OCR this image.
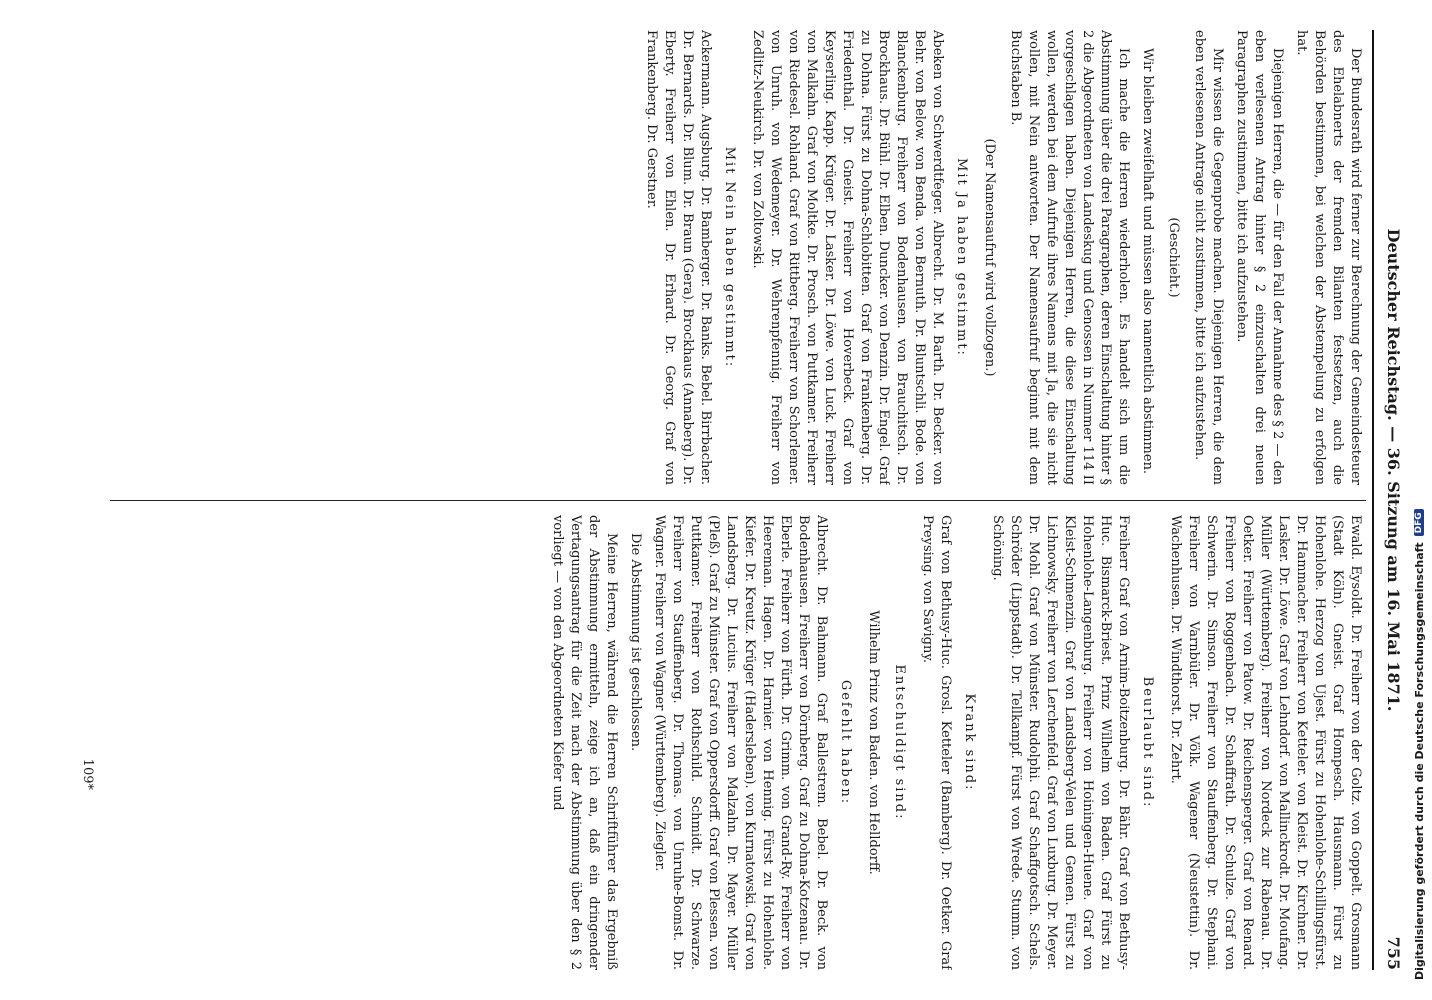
Deutscher Reichstag. — 36. Sitzung am 16. Mai 1871.
755

Der Bundesrath wird ferner zur Berechnung der Gemeindesteuer des Ehelabnerts der fremden Bilanten festsetzen, auch die Behörden bestimmen, bei welchen der Abstempelung zu erfolgen hat.

Diejenigen Herren, die — für den Fall der Annahme des § 2 — den eben verlesenen Antrag hinter § 2 einzuschalten drei neuen Paragraphen zustimmen, bitte ich aufzustehen.

Mir wissen die Gegenprobe machen. Diejenigen Herren, die dem eben verlesenen Antrage nicht zustimmen, bitte ich aufzustehen.

(Geschieht.)

Wir bleiben zweifelhaft und müssen also namentlich abstimmen.

Ich mache die Herren wiederholen. Es handelt sich um die Abstimmung über die drei Paragraphen, deren Einschaltung hinter § 2 die Abgeordneten von Landeskug und Genossen in Nummer 114 II vorgeschlagen haben. Diejenigen Herren, die diese Einschaltung wollen, werden bei dem Aufrufe ihres Namens mit Ja, die sie nicht wollen, mit Nein antworten. Der Namensaufruf beginnt mit dem Buchstaben B.

(Der Namensaufruf wird vollzogen.)

Mit Ja haben gestimmt:

Abeken von Schwerdtfeger. Albrecht. Dr. M. Barth. Dr. Becker. von Behr. von Below. von Benda. von Bernuth. Dr. Bluntschli. Bode. von Blanckenburg. Freiherr von Bodenhausen. von Brauchitsch. Dr. Brockhaus. Dr. Bühl. Dr. Elben. Duncker. von Denzin. Dr. Engel. Graf zu Dohna. Fürst zu Dohna-Schlobitten. Graf von Frankenberg. Dr. Friedenthal. Dr. Gneist. Freiherr von Hoverbeck. Graf von Keyserling. Kapp. Krüger. Dr. Lasker. Dr. Löwe. von Luck. Freiherr von Malkahn. Graf von Moltke. Dr. Prosch. von Puttkamer. Freiherr von Riedesel. Rohland. Graf von Rittberg. Freiherr von Schorlemer. von Unruh. von Wedemeyer. Dr. Wehrenpfennig. Freiherr von Zedlitz-Neukirch. Dr. von Zoltowski.

Mit Nein haben gestimmt:

Ackermann. Augsburg. Dr. Bamberger. Dr. Banks. Bebel. Birrbacher. Dr. Bernards. Dr. Blum. Dr. Braun (Gera). Brockhaus (Annaberg). Dr. Eberty. Freiherr von Ehlen. Dr. Erhard. Dr. Georg. Graf von Frankenberg. Dr. Gerstner.

Ewald. Eysoldt. Dr. Freiherr von der Goltz. von Goppelt. Grosmann (Stadt Köln). Gneist. Graf Hompesch. Hausmann. Fürst zu Hohenlohe. Herzog von Ujest. Fürst zu Hohenlohe-Schillingsfürst. Dr. Hammacher. Freiherr von Ketteler. von Kleist. Dr. Kirchner. Dr. Lasker. Dr. Löwe. Graf von Lehndorf. von Mallinckrodt. Dr. Moufang. Müller (Württemberg). Freiherr von Nordeck zur Rabenau. Dr. Oetker. Freiherr von Patow. Dr. Reichensperger. Graf von Renard. Freiherr von Roggenbach. Dr. Schaffrath. Dr. Schulze. Graf von Schwerin. Dr. Simson. Freiherr von Stauffenberg. Dr. Stephani. Freiherr von Varnbüler. Dr. Völk. Wagener (Neustettin). Dr. Wachenhusen. Dr. Windthorst. Dr. Zehrt.

Beurlaubt sind:

Freiherr Graf von Arnim-Boitzenburg. Dr. Bähr. Graf von Bethusy-Huc. Bismarck-Briest. Prinz Wilhelm von Baden. Graf Fürst zu Hohenlohe-Langenburg. Freiherr von Hoiningen-Huene. Graf von Kleist-Schmenzin. Graf von Landsberg-Velen und Gemen. Fürst zu Lichnowsky. Freiherr von Lerchenfeld. Graf von Luxburg. Dr. Meyer. Dr. Mohl. Graf von Münster. Rudolphi. Graf Schaffgotsch. Schels. Schröder (Lippstadt). Dr. Tellkampf. Fürst von Wrede. Stumm. von Schöning.

Krank sind:

Graf von Bethusy-Huc. Grosl. Ketteler (Bamberg). Dr. Oetker. Graf Preysing. von Savigny.

Entschuldigt sind:

Wilhelm Prinz von Baden. von Helldorff.

Gefehlt haben:

Albrecht. Dr. Bahmann. Graf Ballestrem. Bebel. Dr. Beck. von Bodenhausen. Freiherr von Dörnberg. Graf zu Dohna-Kotzenau. Dr. Eberle. Freiherr von Fürth. Dr. Grimm. von Grand-Ry. Freiherr von Heereman. Hagen. Dr. Harnier. von Hennig. Fürst zu Hohenlohe. Kiefer. Dr. Kreutz. Krüger (Hadersleben). von Kurnatowski. Graf von Landsberg. Dr. Lucius. Freiherr von Malzahn. Dr. Mayer. Müller (Pleß). Graf zu Münster. Graf von Oppersdorff. Graf von Plessen. von Puttkamer. Freiherr von Rothschild. Schmidt. Dr. Schwarze. Freiherr von Stauffenberg. Dr. Thomas. von Unruhe-Bomst. Dr. Wagner. Freiherr von Wagner (Württemberg). Ziegler.

Die Abstimmung ist geschlossen.

Meine Herren, während die Herren Schriftführer das Ergebniß der Abstimmung ermitteln, zeige ich an, daß ein dringender Vertagungsantrag für die Zeit nach der Abstimmung über den § 2 vorliegt — von den Abgeordneten Kiefer und

109*	Digitalisierung gefördert durch die Deutsche Forschungsgemeinschaft
DFG
